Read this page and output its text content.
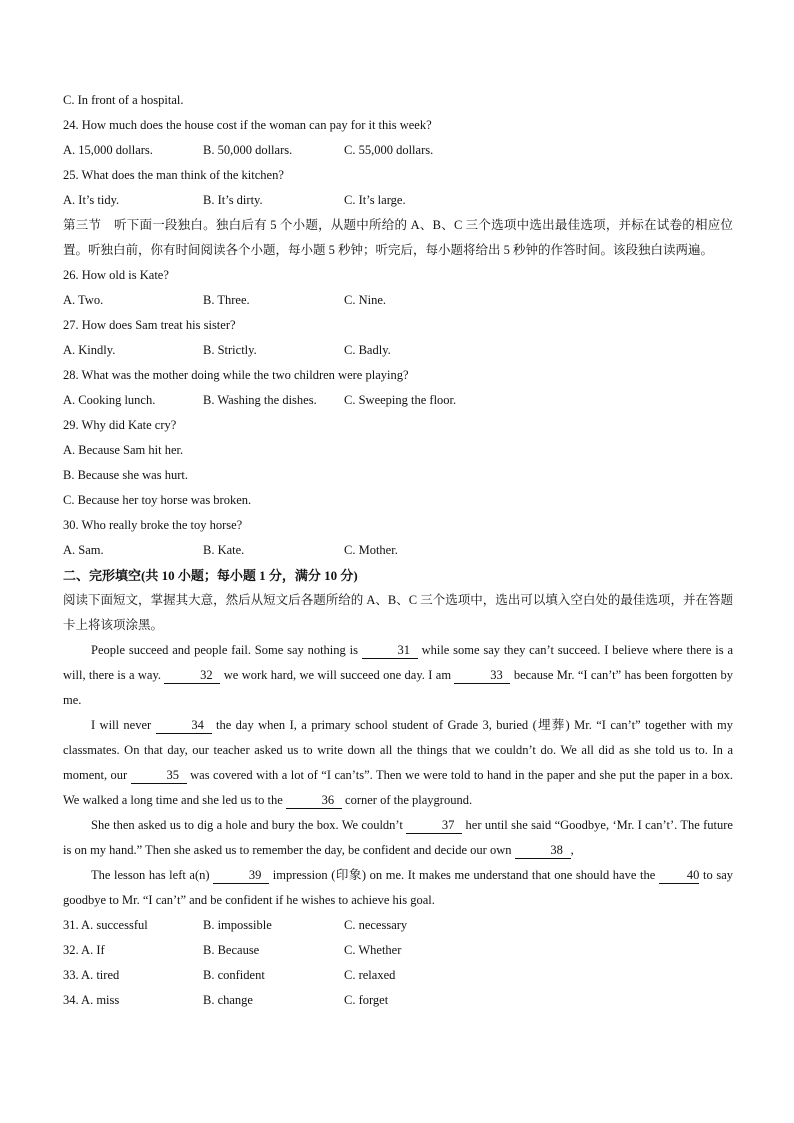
C. In front of a hospital.
24. How much does the house cost if the woman can pay for it this week?
A. 15,000 dollars.	B. 50,000 dollars.	C. 55,000 dollars.
25. What does the man think of the kitchen?
A. It’s tidy.	B. It’s dirty.	C. It’s large.
第三节　听下面一段独白。独白后有 5 个小题，从题中所给的 A、B、C 三个选项中选出最佳选项，并标在试卷的相应位置。听独白前，你有时间阅读各个小题，每小题 5 秒钟；听完后，每小题将给出 5 秒钟的作答时间。该段独白读两遍。
26. How old is Kate?
A. Two.	B. Three.	C. Nine.
27. How does Sam treat his sister?
A. Kindly.	B. Strictly.	C. Badly.
28. What was the mother doing while the two children were playing?
A. Cooking lunch.	B. Washing the dishes. C. Sweeping the floor.
29. Why did Kate cry?
A. Because Sam hit her.
B. Because she was hurt.
C. Because her toy horse was broken.
30. Who really broke the toy horse?
A. Sam.	B. Kate.	C. Mother.
二、完形填空(共 10 小题；每小题 1 分，满分 10 分)
阅读下面短文，掌握其大意，然后从短文后各题所给的 A、B、C 三个选项中，选出可以填入空白处的最佳选项，并在答题卡上将该项涂黑。
People succeed and people fail. Some say nothing is	31 while some say they can’t succeed. I believe where there is a will, there is a way.	32 we work hard, we will succeed one day. I am	33 because Mr. “I can’t” has been forgotten by me.
I will never	34 the day when I, a primary school student of Grade 3, buried (埋葬) Mr. “I can’t” together with my classmates. On that day, our teacher asked us to write down all the things that we couldn’t do. We all did as she told us to. In a moment, our	35 was covered with a lot of “I can’ts”. Then we were told to hand in the paper and she put the paper in a box. We walked a long time and she led us to the	36 corner of the playground.
She then asked us to dig a hole and bury the box. We couldn’t	37 her until she said “Goodbye, ‘Mr. I can’t’. The future is on my hand.” Then she asked us to remember the day, be confident and decide our own	38 ,
The lesson has left a(n)	39 impression (印象) on me. It makes me understand that one should have the 40 to say goodbye to Mr. “I can’t” and be confident if he wishes to achieve his goal.
31. A. successful	B. impossible	C. necessary
32. A. If	B. Because	C. Whether
33. A. tired	B. confident	C. relaxed
34. A. miss	B. change	C. forget
